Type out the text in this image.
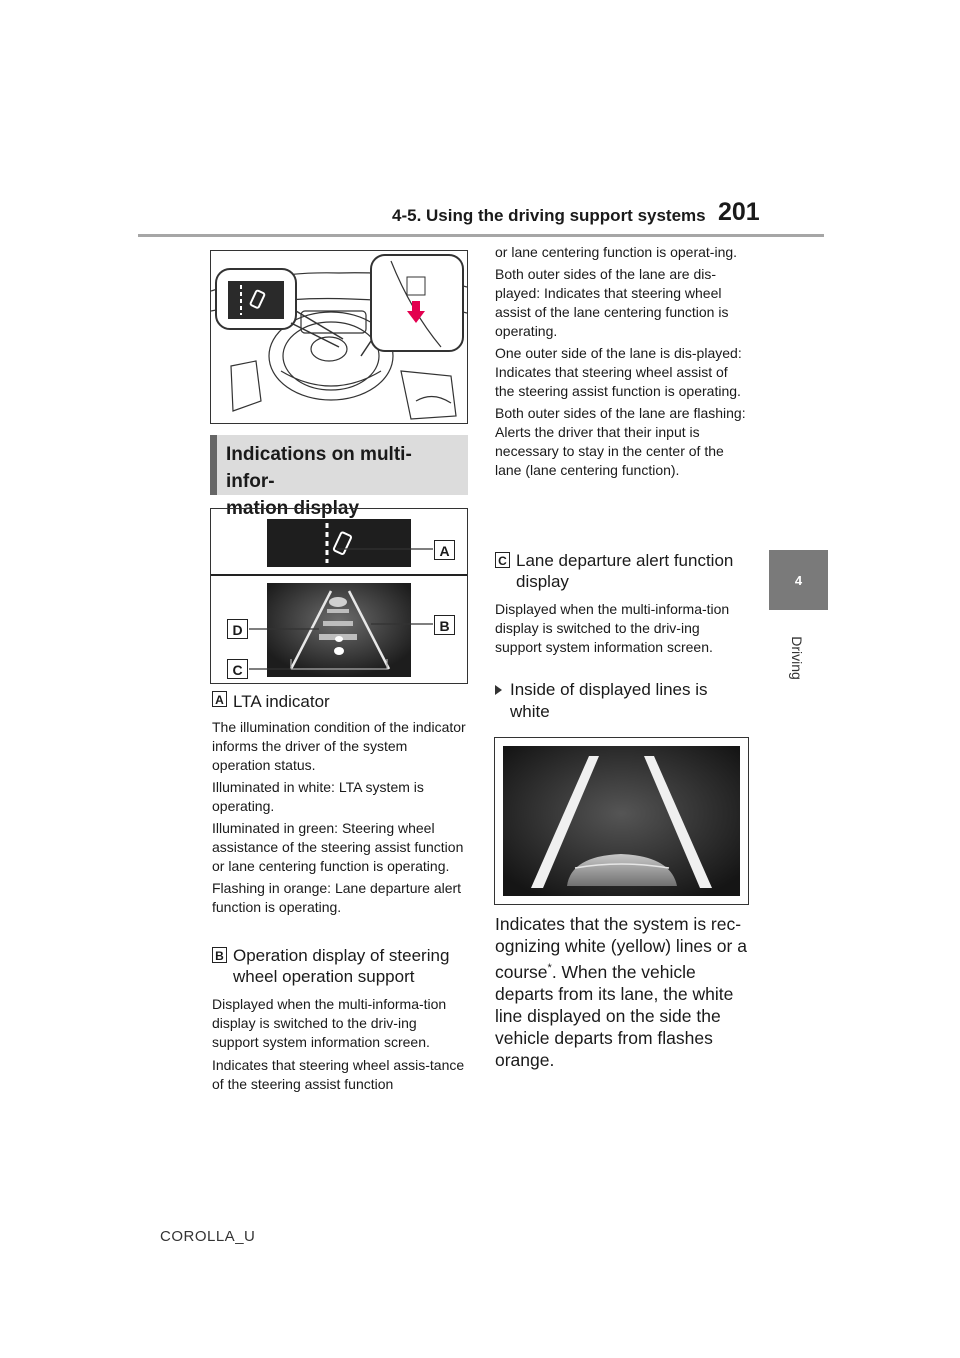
4-5. Using the driving support systems 201
4
Driving
Indications on multi-infor-
mation display
A
B
D
C
A LTA indicator
The illumination condition of the indicator informs the driver of the system operation status.
Illuminated in white: LTA system is operating.
Illuminated in green: Steering wheel assistance of the steering assist function or lane centering function is operating.
Flashing in orange: Lane departure alert function is operating.
B Operation display of steering wheel operation support
Displayed when the multi-informa-tion display is switched to the driv-ing support system information screen.
Indicates that steering wheel assis-tance of the steering assist function
or lane centering function is operat-ing.
Both outer sides of the lane are dis-played: Indicates that steering wheel assist of the lane centering function is operating.
One outer side of the lane is dis-played: Indicates that steering wheel assist of the steering assist function is operating.
Both outer sides of the lane are flashing: Alerts the driver that their input is necessary to stay in the center of the lane (lane centering function).
C Lane departure alert function display
Displayed when the multi-informa-tion display is switched to the driv-ing support system information screen.
Inside of displayed lines is white
Indicates that the system is rec-ognizing white (yellow) lines or a course*. When the vehicle departs from its lane, the white line displayed on the side the vehicle departs from flashes orange.
COROLLA_U
